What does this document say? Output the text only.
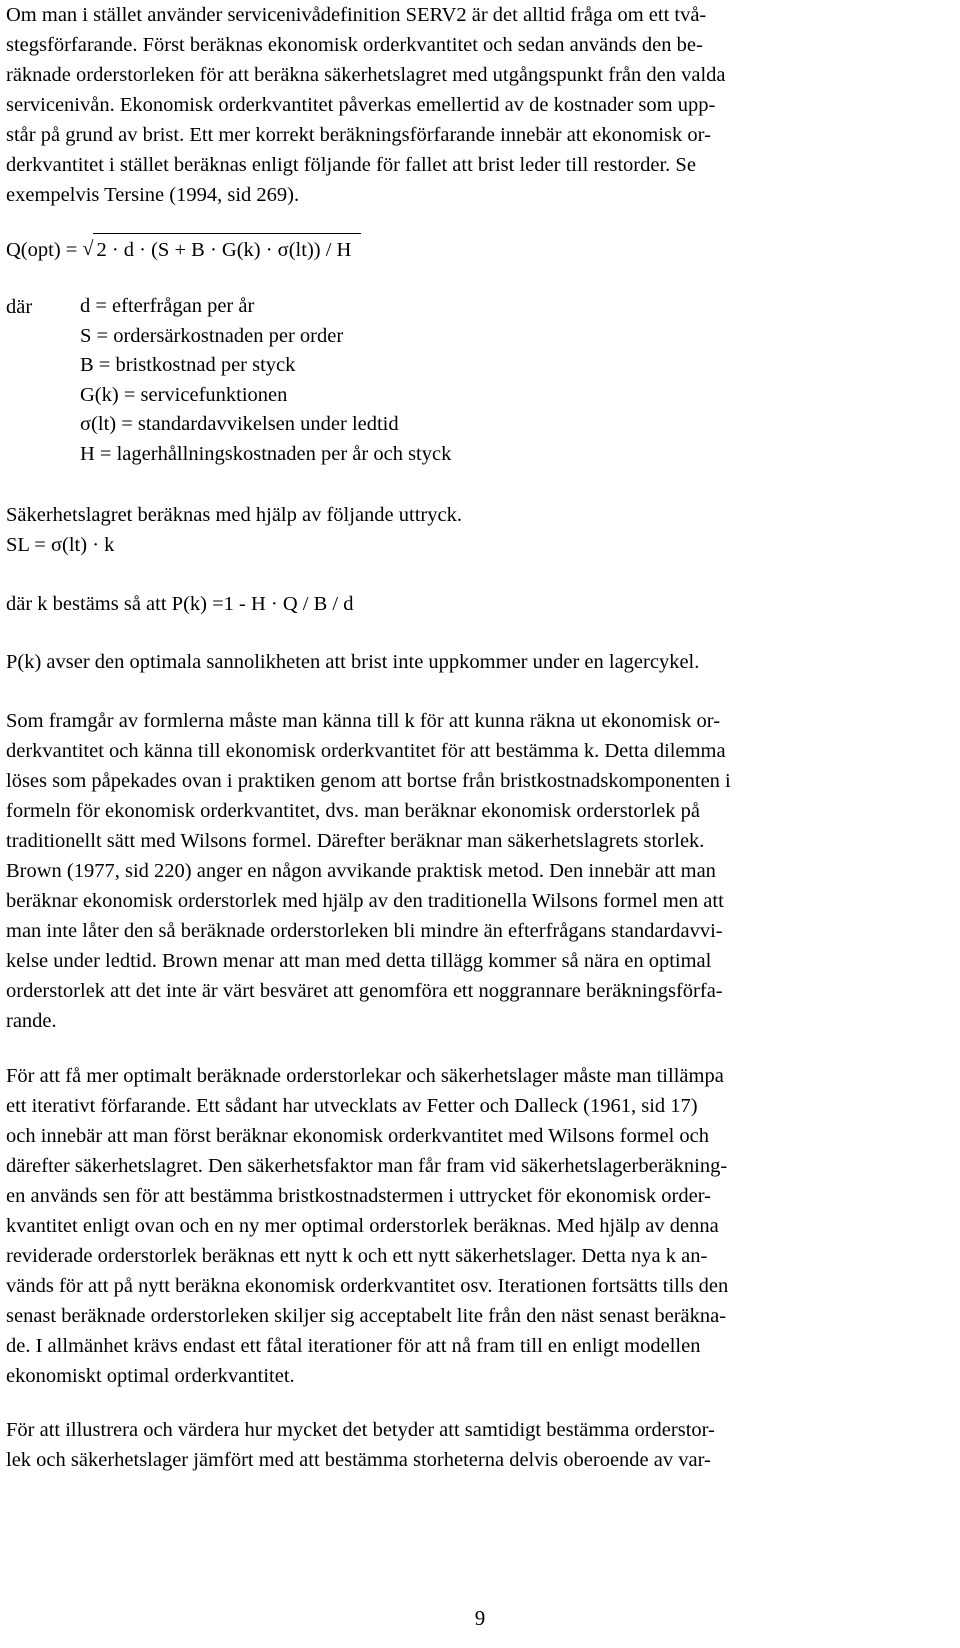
Om man i stället använder servicenivådefinition SERV2 är det alltid fråga om ett två-
stegsförfarande. Först beräknas ekonomisk orderkvantitet och sedan används den be-
räknade orderstorleken för att beräkna säkerhetslagret med utgångspunkt från den valda
servicenivån. Ekonomisk orderkvantitet påverkas emellertid av de kostnader som upp-
står på grund av brist. Ett mer korrekt beräkningsförfarande innebär att ekonomisk or-
derkvantitet i stället beräknas enligt följande för fallet att brist leder till restorder. Se
exempelvis Tersine (1994, sid 269).

Q(opt) = √ 2 · d · (S + B · G(k) · σ(lt)) / H
där d = efterfrågan per år
S = ordersärkostnaden per order
B = bristkostnad per styck
G(k) = servicefunktionen
σ(lt) = standardavvikelsen under ledtid
H = lagerhållningskostnaden per år och styck

Säkerhetslagret beräknas med hjälp av följande uttryck.

SL = σ(lt) · k

där k bestäms så att P(k) =1 - H · Q / B / d

P(k) avser den optimala sannolikheten att brist inte uppkommer under en lagercykel.

Som framgår av formlerna måste man känna till k för att kunna räkna ut ekonomisk or-
derkvantitet och känna till ekonomisk orderkvantitet för att bestämma k. Detta dilemma
löses som påpekades ovan i praktiken genom att bortse från bristkostnadskomponenten i
formeln för ekonomisk orderkvantitet, dvs. man beräknar ekonomisk orderstorlek på
traditionellt sätt med Wilsons formel. Därefter beräknar man säkerhetslagrets storlek.
Brown (1977, sid 220) anger en någon avvikande praktisk metod. Den innebär att man
beräknar ekonomisk orderstorlek med hjälp av den traditionella Wilsons formel men att
man inte låter den så beräknade orderstorleken bli mindre än efterfrågans standardavvi-
kelse under ledtid. Brown menar att man med detta tillägg kommer så nära en optimal
orderstorlek att det inte är värt besväret att genomföra ett noggrannare beräkningsförfa-
rande.

För att få mer optimalt beräknade orderstorlekar och säkerhetslager måste man tillämpa
ett iterativt förfarande. Ett sådant har utvecklats av Fetter och Dalleck (1961, sid 17)
och innebär att man först beräknar ekonomisk orderkvantitet med Wilsons formel och
därefter säkerhetslagret. Den säkerhetsfaktor man får fram vid säkerhetslagerberäkning-
en används sen för att bestämma bristkostnadstermen i uttrycket för ekonomisk order-
kvantitet enligt ovan och en ny mer optimal orderstorlek beräknas. Med hjälp av denna
reviderade orderstorlek beräknas ett nytt k och ett nytt säkerhetslager. Detta nya k an-
vänds för att på nytt beräkna ekonomisk orderkvantitet osv. Iterationen fortsätts tills den
senast beräknade orderstorleken skiljer sig acceptabelt lite från den näst senast beräkna-
de. I allmänhet krävs endast ett fåtal iterationer för att nå fram till en enligt modellen
ekonomiskt optimal orderkvantitet.

För att illustrera och värdera hur mycket det betyder att samtidigt bestämma orderstor-
lek och säkerhetslager jämfört med att bestämma storheterna delvis oberoende av var-

9
